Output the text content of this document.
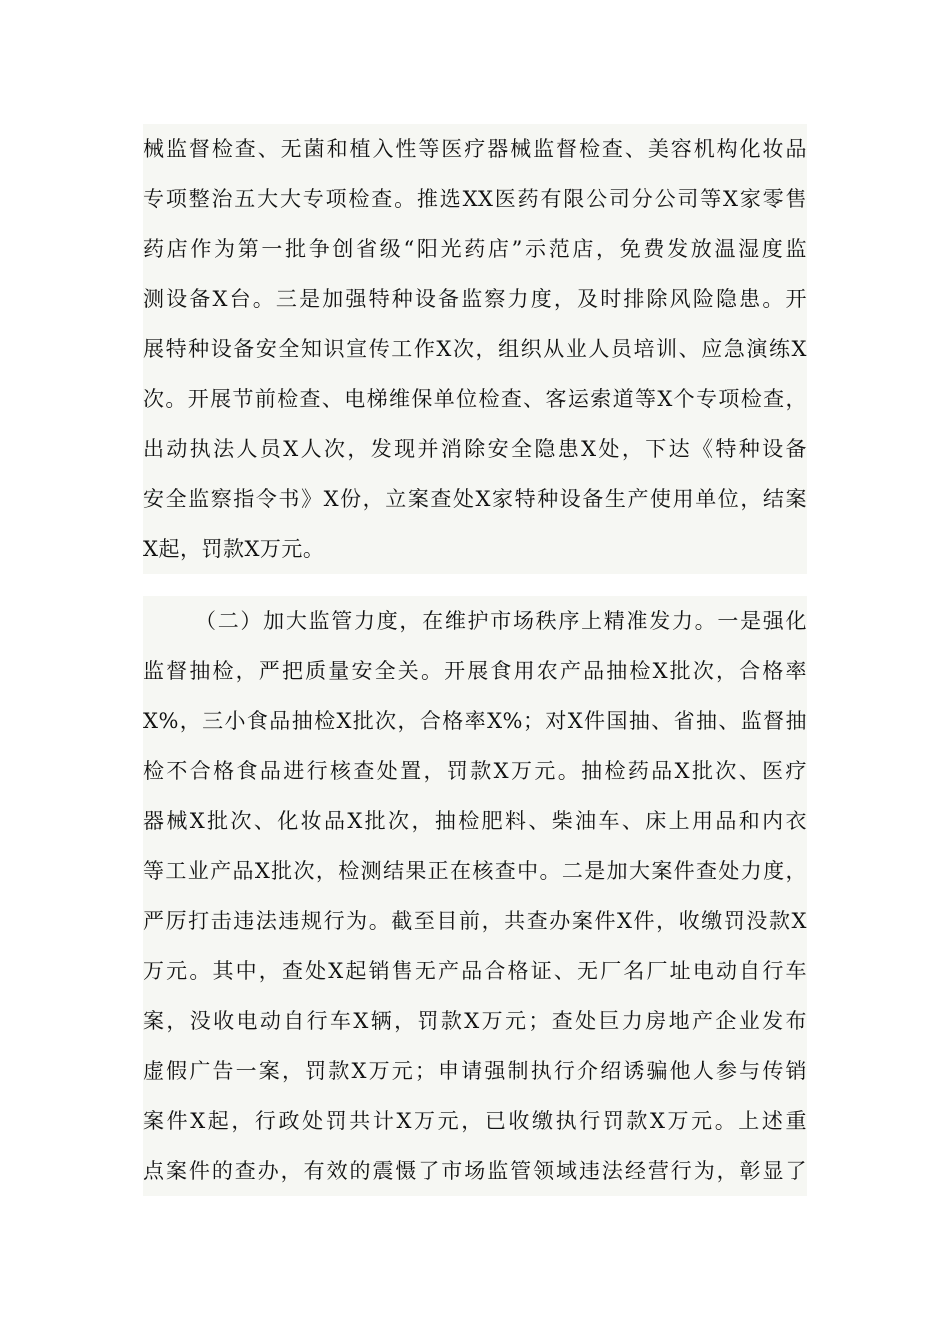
械监督检查、无菌和植入性等医疗器械监督检查、美容机构化妆品
专项整治五大大专项检查。推选XX医药有限公司分公司等X家零售
药店作为第一批争创省级“阳光药店”示范店，免费发放温湿度监
测设备X台。三是加强特种设备监察力度，及时排除风险隐患。开
展特种设备安全知识宣传工作X次，组织从业人员培训、应急演练X
次。开展节前检查、电梯维保单位检查、客运索道等X个专项检查，
出动执法人员X人次，发现并消除安全隐患X处，下达《特种设备
安全监察指令书》X份，立案查处X家特种设备生产使用单位，结案
X起，罚款X万元。
（二）加大监管力度，在维护市场秩序上精准发力。一是强化
监督抽检，严把质量安全关。开展食用农产品抽检X批次，合格率
X%，三小食品抽检X批次，合格率X%；对X件国抽、省抽、监督抽
检不合格食品进行核查处置，罚款X万元。抽检药品X批次、医疗
器械X批次、化妆品X批次，抽检肥料、柴油车、床上用品和内衣
等工业产品X批次，检测结果正在核查中。二是加大案件查处力度，
严厉打击违法违规行为。截至目前，共查办案件X件，收缴罚没款X
万元。其中，查处X起销售无产品合格证、无厂名厂址电动自行车
案，没收电动自行车X辆，罚款X万元；查处巨力房地产企业发布
虚假广告一案，罚款X万元；申请强制执行介绍诱骗他人参与传销
案件X起，行政处罚共计X万元，已收缴执行罚款X万元。上述重
点案件的查办，有效的震慑了市场监管领域违法经营行为，彰显了
